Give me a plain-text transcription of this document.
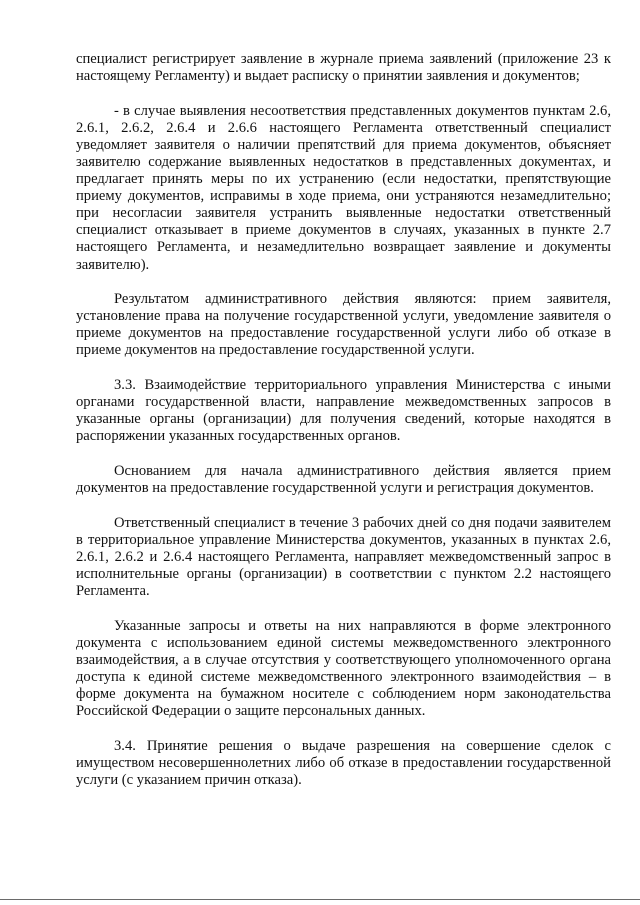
специалист регистрирует заявление в журнале приема заявлений (приложение 23 к настоящему Регламенту) и выдает расписку о принятии заявления и документов;

- в случае выявления несоответствия представленных документов пунктам 2.6, 2.6.1, 2.6.2, 2.6.4 и 2.6.6 настоящего Регламента ответственный специалист уведомляет заявителя о наличии препятствий для приема документов, объясняет заявителю содержание выявленных недостатков в представленных документах, и предлагает принять меры по их устранению (если недостатки, препятствующие приему документов, исправимы в ходе приема, они устраняются незамедлительно; при несогласии заявителя устранить выявленные недостатки ответственный специалист отказывает в приеме документов в случаях, указанных в пункте 2.7 настоящего Регламента, и незамедлительно возвращает заявление и документы заявителю).

Результатом административного действия являются: прием заявителя, установление права на получение государственной услуги, уведомление заявителя о приеме документов на предоставление государственной услуги либо об отказе в приеме документов на предоставление государственной услуги.

3.3. Взаимодействие территориального управления Министерства с иными органами государственной власти, направление межведомственных запросов в указанные органы (организации) для получения сведений, которые находятся в распоряжении указанных государственных органов.

Основанием для начала административного действия является прием документов на предоставление государственной услуги и регистрация документов.

Ответственный специалист в течение 3 рабочих дней со дня подачи заявителем в территориальное управление Министерства документов, указанных в пунктах 2.6, 2.6.1, 2.6.2 и 2.6.4 настоящего Регламента, направляет межведомственный запрос в исполнительные органы (организации) в соответствии с пунктом 2.2 настоящего Регламента.

Указанные запросы и ответы на них направляются в форме электронного документа с использованием единой системы межведомственного электронного взаимодействия, а в случае отсутствия у соответствующего уполномоченного органа доступа к единой системе межведомственного электронного взаимодействия – в форме документа на бумажном носителе с соблюдением норм законодательства Российской Федерации о защите персональных данных.

3.4. Принятие решения о выдаче разрешения на совершение сделок с имуществом несовершеннолетних либо об отказе в предоставлении государственной услуги (с указанием причин отказа).
